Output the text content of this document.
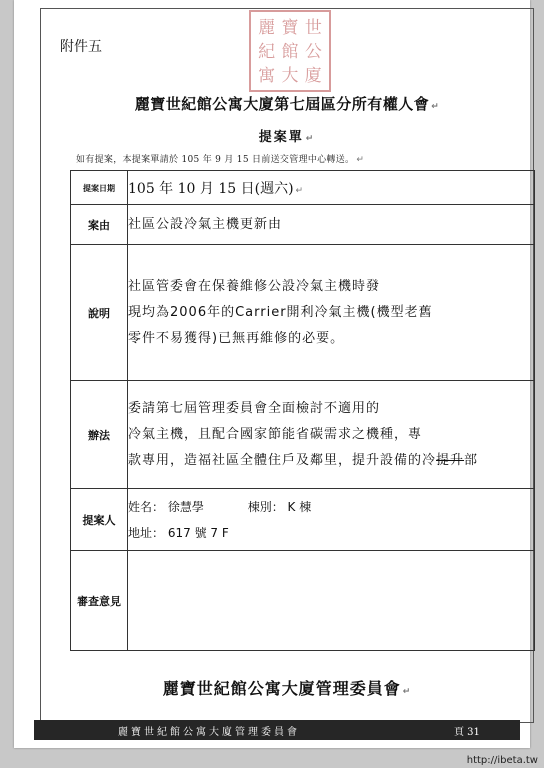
附件五
麗 寶 世
紀 館 公
寓 大 廈
麗寶世紀館公寓大廈第七屆區分所有權人會 ↵
提案單 ↵
如有提案，本提案單請於 105 年 9 月 15 日前送交管理中心轉送。 ↵
提案日期	105 年 10 月 15 日(週六) ↵
案由	社區公設冷氣主機更新由
說明	社區管委會在保養維修公設冷氣主機時發
現均為2006年的Carrier開利冷氣主機(機型老舊
零件不易獲得)已無再維修的必要。

辦法	委請第七屆管理委員會全面檢討不適用的
冷氣主機，且配合國家節能省碳需求之機種，專
款專用，造福社區全體住戶及鄰里，提升設備的冷提升部

提案人	姓名： 徐慧學 棟別： K 棟
地址： 617 號 7 F

審查意見	
麗寶世紀館公寓大廈管理委員會 ↵
麗寶世紀館公寓大廈管理委員會	頁 31
http://ibeta.tw
